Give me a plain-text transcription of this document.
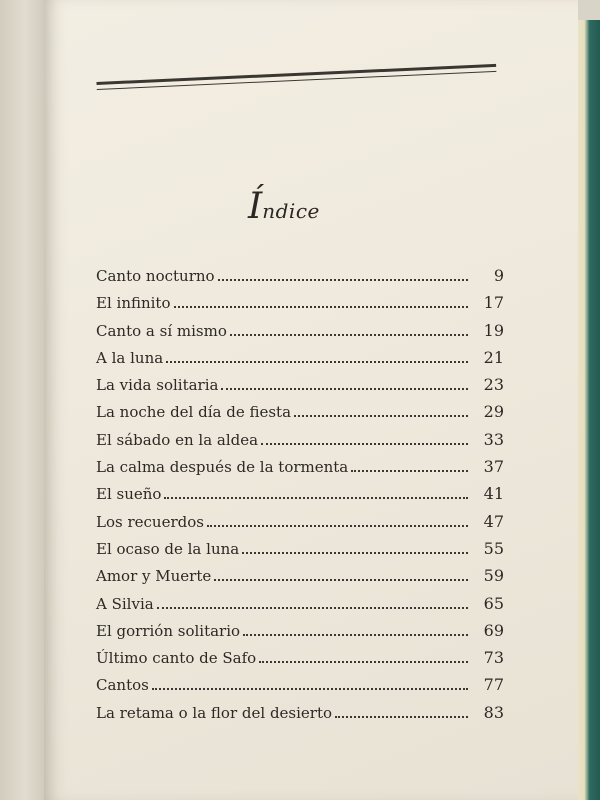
Índice
Canto nocturno	9
El infinito	17
Canto a sí mismo	19
A la luna	21
La vida solitaria	23
La noche del día de fiesta	29
El sábado en la aldea	33
La calma después de la tormenta	37
El sueño	41
Los recuerdos	47
El ocaso de la luna	55
Amor y Muerte	59
A Silvia	65
El gorrión solitario	69
Último canto de Safo	73
Cantos	77
La retama o la flor del desierto	83
